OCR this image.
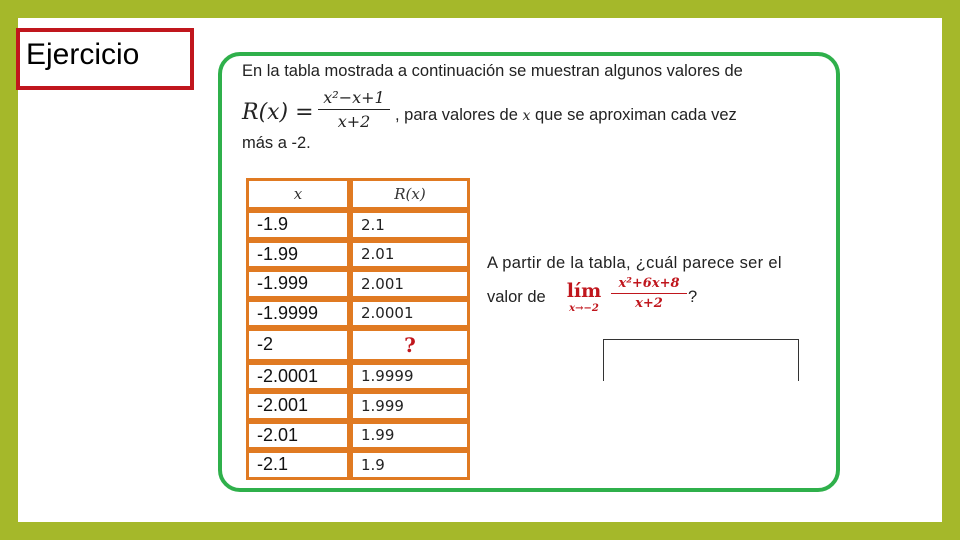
Ejercicio	En la tabla mostrada a continuación se muestran algunos valores de
$R(x) = \frac{\text{x²−x+1}}{x+2}$ , para valores de x que se aproximan cada vez
más a -2.
A partir de la tabla, ¿cuál parece ser el
valor de	lím
$x\to-2 \frac{\text{x²+6x+8}}{x+2}$ ?
x	R(x)
-1.9	2.1
-1.99	2.01
-1.999	2.001
-1.9999	2.0001
-2	?
-2.0001	1.9999
-2.001	1.999
-2.01	1.99
-2.1	1.9
